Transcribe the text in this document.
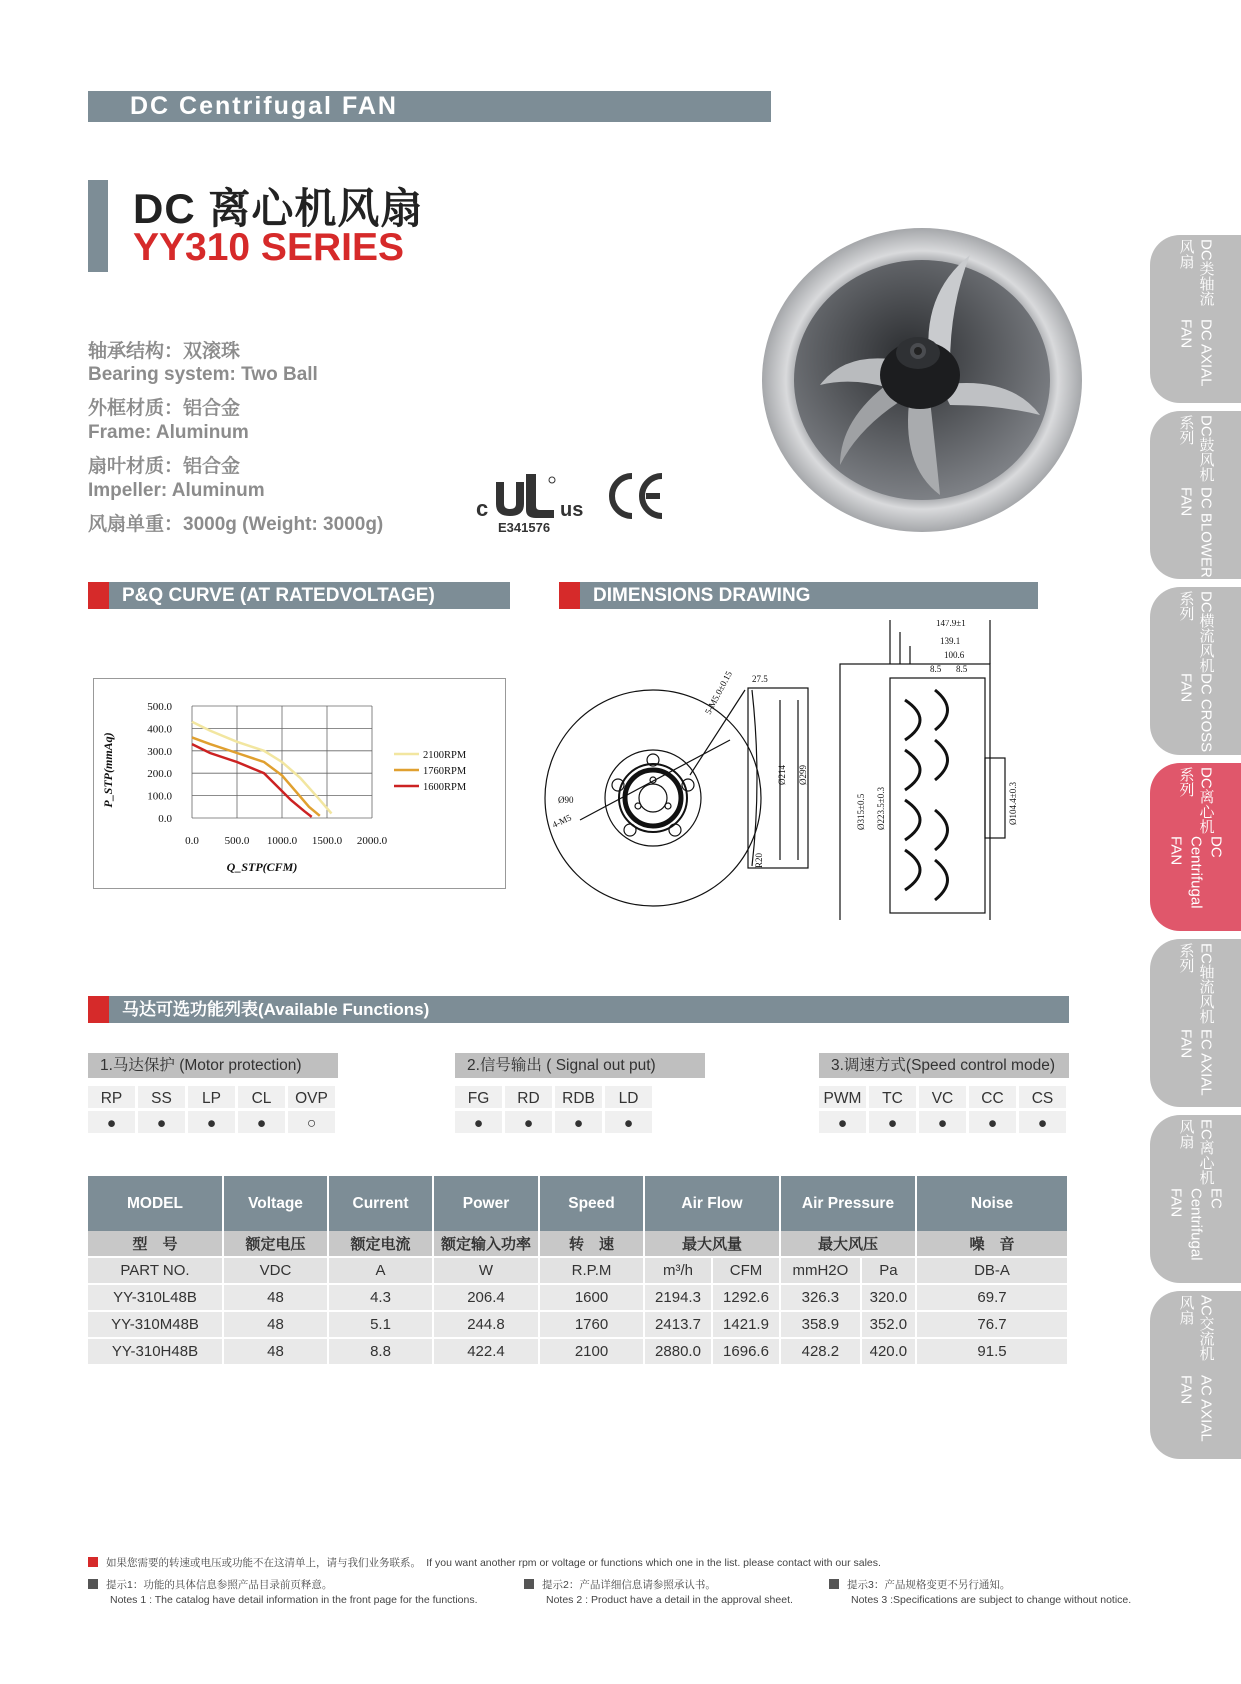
DC Centrifugal FAN
DC 离心机风扇
YY310 SERIES
轴承结构：双滚珠
Bearing system: Two Ball
外框材质：铝合金
Frame: Aluminum
扇叶材质：铝合金
Impeller: Aluminum
风扇单重：3000g (Weight: 3000g)
c	us
E341576
P&Q CURVE (AT RATEDVOLTAGE)	DIMENSIONS DRAWING
0.0
100.0
200.0
300.0
400.0
500.0
0.0 500.0 1000.0 1500.0 2000.0
Q_STP(CFM)
P_STP(mmAq)	2100RPM
1760RPM
1600RPM
Ø90
4-M5
5-M5.0±0.15 27.5
Ø214 Ø299
R20
147.9±1
139.1
100.6
8.5 8.5
Ø315±0.5 Ø223.5±0.3	Ø104.4±0.3
马达可选功能列表(Available Functions)
1.马达保护 (Motor protection)
RP	SS	LP	CL	OVP
●	●	●	●	○
2.信号输出 ( Signal out put)
FG	RD	RDB	LD
●	●	●	●
3.调速方式(Speed control mode)
PWM	TC	VC	CC	CS
●	●	●	●	●
MODEL	Voltage	Current	Power	Speed	Air Flow		Air Pressure		Noise
型　号	额定电压	额定电流	额定输入功率	转　速	最大风量		最大风压		噪　音
PART NO.	VDC	A	W	R.P.M	m³/h	CFM	mmH2O	Pa	DB-A
YY-310L48B	48	4.3	206.4	1600	2194.3	1292.6	326.3	320.0	69.7
YY-310M48B	48	5.1	244.8	1760	2413.7	1421.9	358.9	352.0	76.7
YY-310H48B	48	8.8	422.4	2100	2880.0	1696.6	428.2	420.0	91.5
DC类轴流风扇
DC AXIAL FAN
DC鼓风机系列
DC BLOWER FAN
DC横流风机系列
DC CROSS FAN
DC离心机系列
DC Centrifugal FAN
EC轴流风机系列
EC AXIAL FAN
EC离心机风扇
EC Centrifugal FAN
AC交流机风扇
AC AXIAL FAN
如果您需要的转速或电压或功能不在这清单上，请与我们业务联系。　If you want another rpm or voltage or functions which one in the list. please contact with our sales.
提示1：功能的具体信息参照产品目录前页释意。
Notes 1 : The catalog have detail information in the front page for the functions.
提示2：产品详细信息请参照承认书。
Notes 2 : Product have a detail in the approval sheet.
提示3：产品规格变更不另行通知。
Notes 3 :Specifications are subject to change without notice.
